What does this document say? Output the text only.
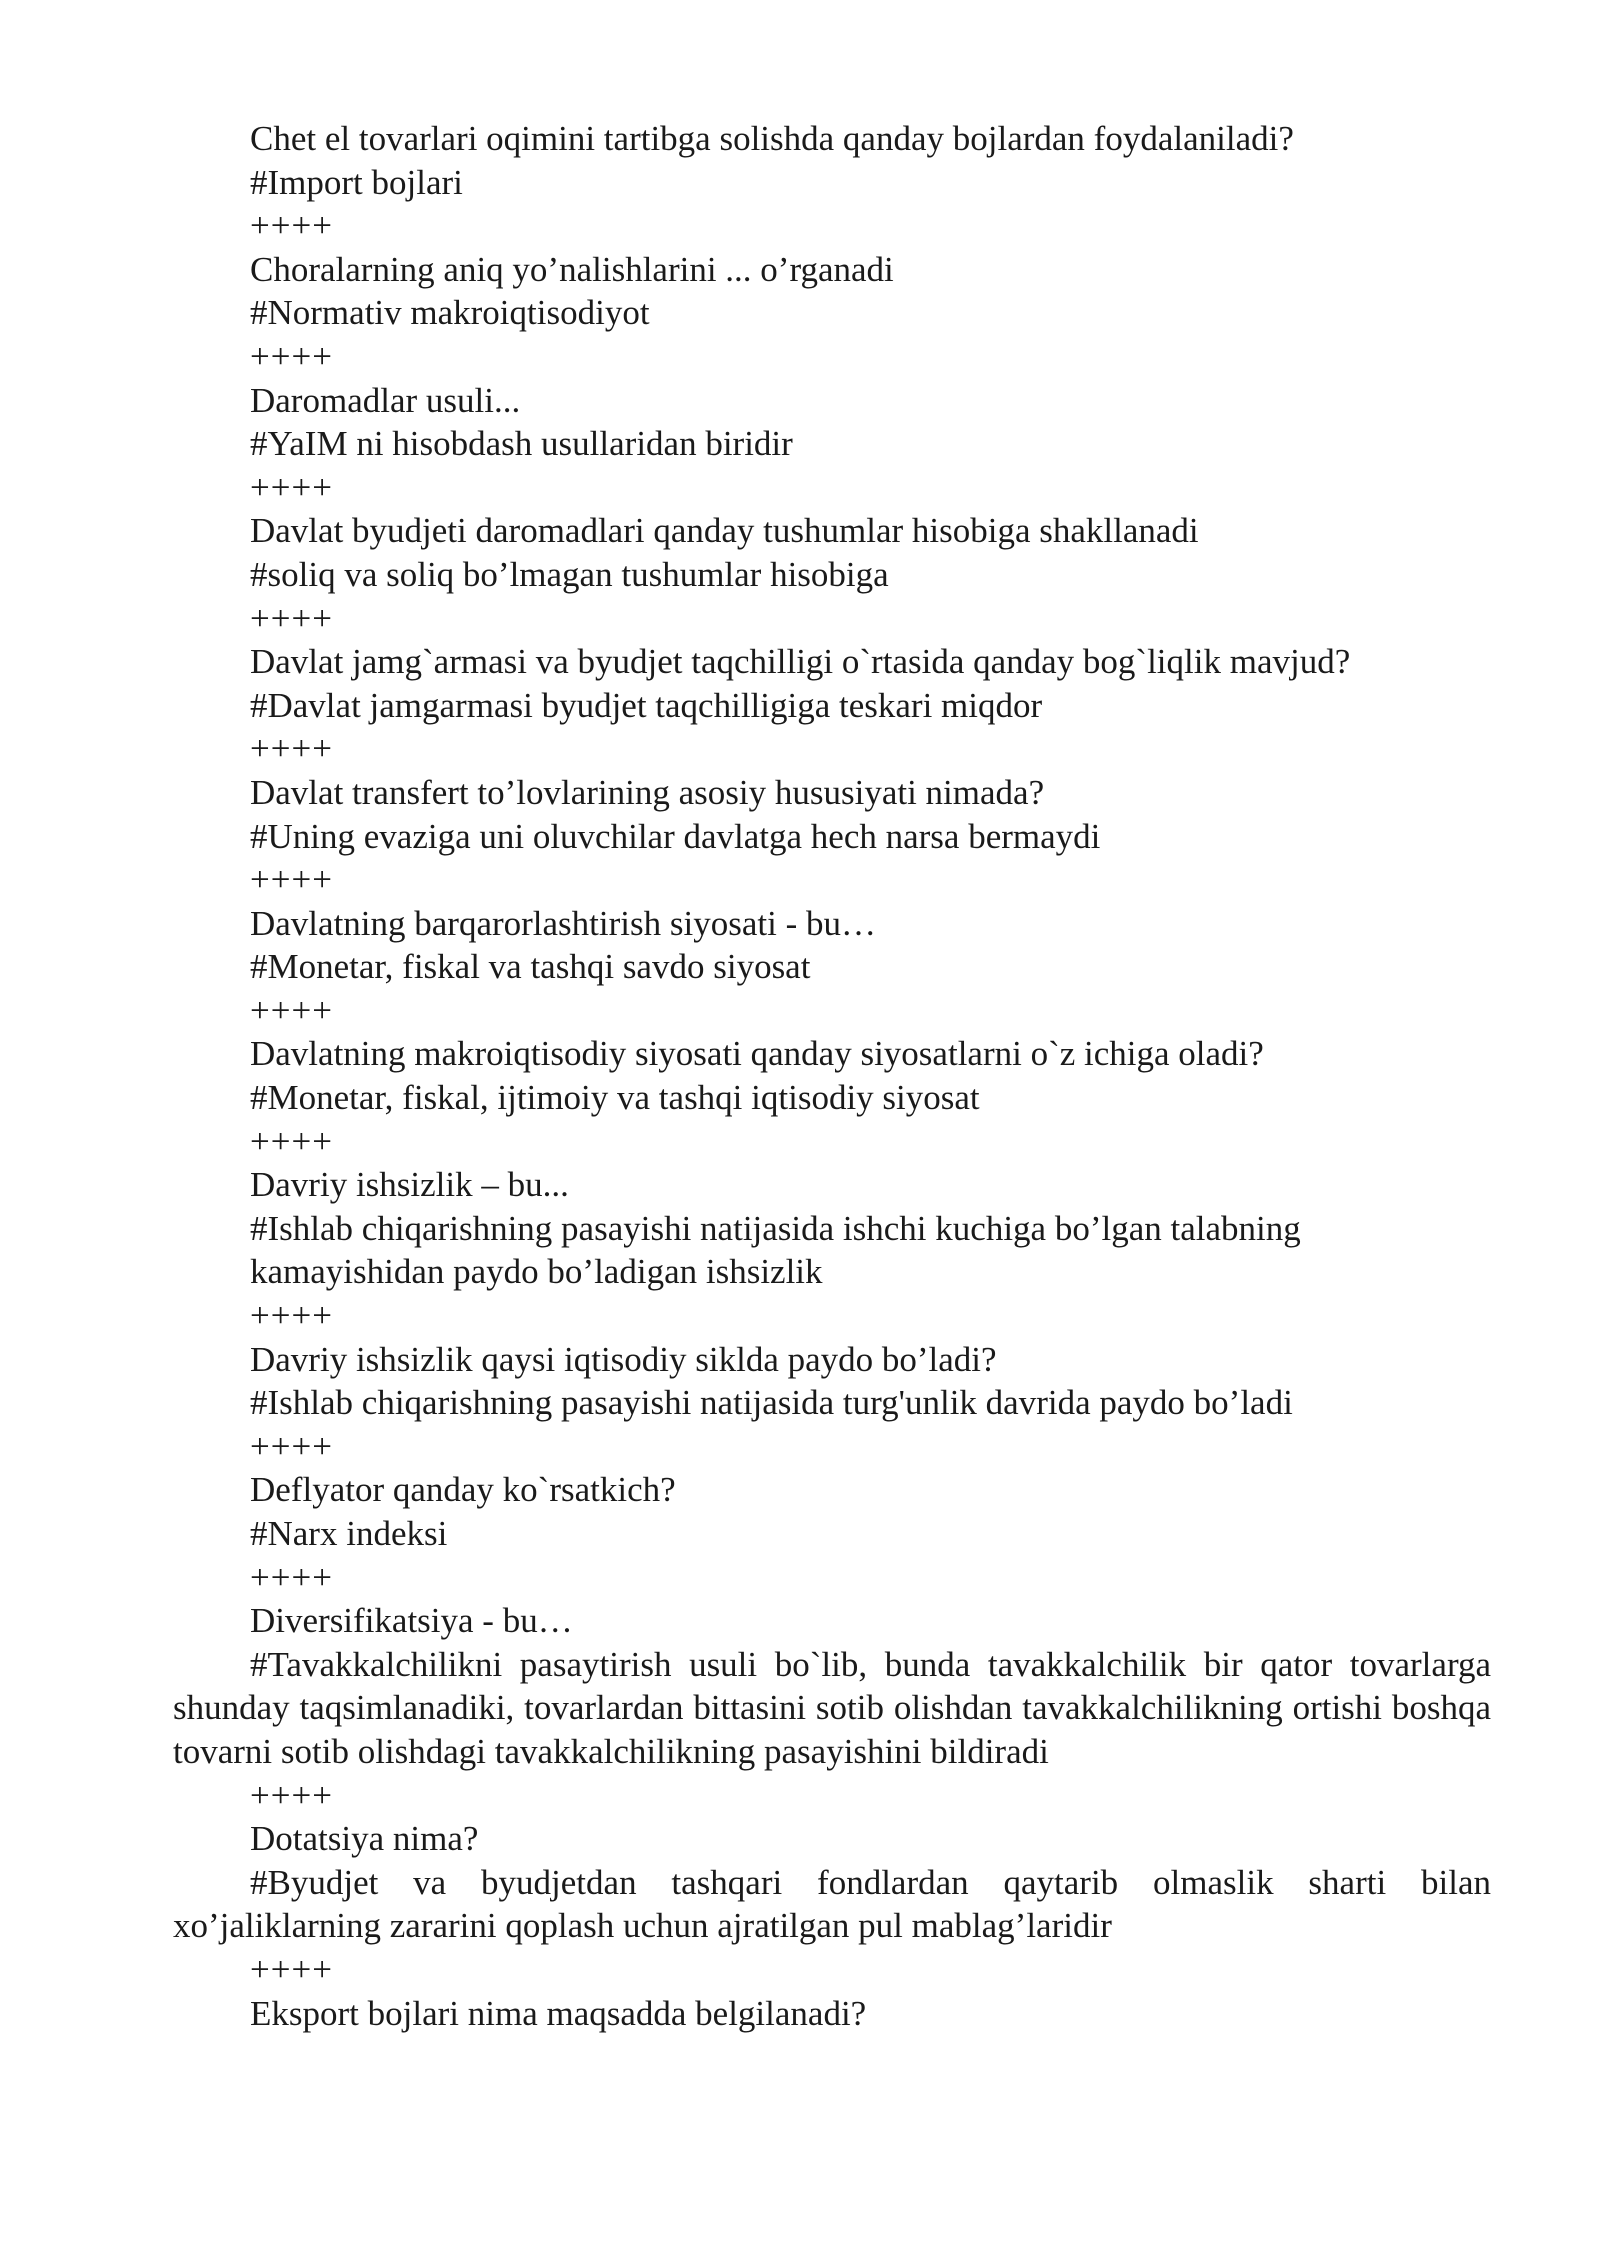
Chet el tovarlari oqimini tartibga solishda qanday bojlardan foydalaniladi?

#Import bojlari

++++

Choralarning aniq yo’nalishlarini ... o’rganadi

#Normativ makroiqtisodiyot

++++

Daromadlar usuli...

#YaIM ni hisobdash usullaridan biridir

++++

Davlat byudjeti daromadlari qanday tushumlar hisobiga shakllanadi

#soliq va soliq bo’lmagan tushumlar hisobiga

++++

Davlat jamg`armasi va byudjet taqchilligi o`rtasida qanday bog`liqlik mavjud?

#Davlat jamgarmasi byudjet taqchilligiga teskari miqdor

++++

Davlat transfert to’lovlarining asosiy hususiyati nimada?

#Uning evaziga uni oluvchilar davlatga hech narsa bermaydi

++++

Davlatning barqarorlashtirish siyosati - bu…

#Monetar, fiskal va tashqi savdo siyosat

++++

Davlatning makroiqtisodiy siyosati qanday siyosatlarni o`z ichiga oladi?

#Monetar, fiskal, ijtimoiy va tashqi iqtisodiy siyosat

++++

Davriy ishsizlik – bu...

#Ishlab chiqarishning pasayishi natijasida ishchi kuchiga bo’lgan talabning

kamayishidan paydo bo’ladigan ishsizlik

++++

Davriy ishsizlik qaysi iqtisodiy siklda paydo bo’ladi?

#Ishlab chiqarishning pasayishi natijasida turg'unlik davrida paydo bo’ladi

++++

Deflyator qanday ko`rsatkich?

#Narx indeksi

++++

Diversifikatsiya - bu…

#Tavakkalchilikni pasaytirish usuli bo`lib, bunda tavakkalchilik bir qator tovarlarga shunday taqsimlanadiki, tovarlardan bittasini sotib olishdan tavakkalchilikning ortishi boshqa tovarni sotib olishdagi tavakkalchilikning pasayishini bildiradi

++++

Dotatsiya nima?

#Byudjet va byudjetdan tashqari fondlardan qaytarib olmaslik sharti bilan xo’jaliklarning zararini qoplash uchun ajratilgan pul mablag’laridir

++++

Eksport bojlari nima maqsadda belgilanadi?
